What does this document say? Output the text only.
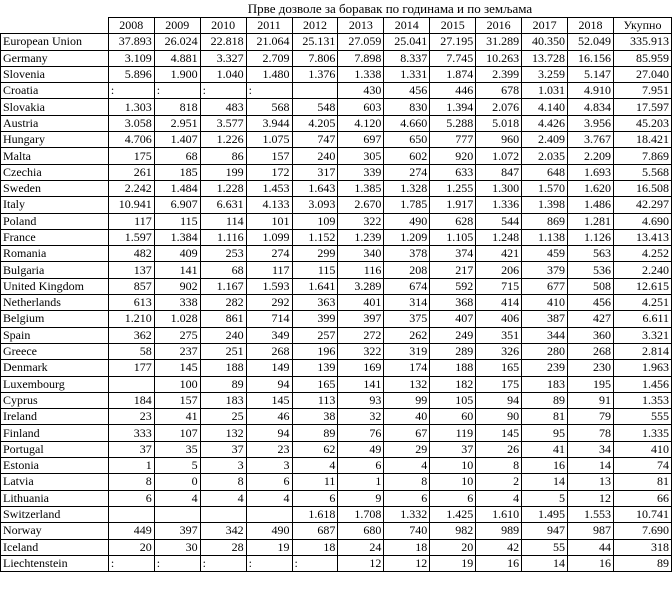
Прве дозволе за боравак по годинама и по земљама
	2008	2009	2010	2011	2012	2013	2014	2015	2016	2017	2018	Укупно
European Union	37.893	26.024	22.818	21.064	25.131	27.059	25.041	27.195	31.289	40.350	52.049	335.913
Germany	3.109	4.881	3.327	2.709	7.806	7.898	8.337	7.745	10.263	13.728	16.156	85.959
Slovenia	5.896	1.900	1.040	1.480	1.376	1.338	1.331	1.874	2.399	3.259	5.147	27.040
Croatia	:	:	:	:		430	456	446	678	1.031	4.910	7.951
Slovakia	1.303	818	483	568	548	603	830	1.394	2.076	4.140	4.834	17.597
Austria	3.058	2.951	3.577	3.944	4.205	4.120	4.660	5.288	5.018	4.426	3.956	45.203
Hungary	4.706	1.407	1.226	1.075	747	697	650	777	960	2.409	3.767	18.421
Malta	175	68	86	157	240	305	602	920	1.072	2.035	2.209	7.869
Czechia	261	185	199	172	317	339	274	633	847	648	1.693	5.568
Sweden	2.242	1.484	1.228	1.453	1.643	1.385	1.328	1.255	1.300	1.570	1.620	16.508
Italy	10.941	6.907	6.631	4.133	3.093	2.670	1.785	1.917	1.336	1.398	1.486	42.297
Poland	117	115	114	101	109	322	490	628	544	869	1.281	4.690
France	1.597	1.384	1.116	1.099	1.152	1.239	1.209	1.105	1.248	1.138	1.126	13.413
Romania	482	409	253	274	299	340	378	374	421	459	563	4.252
Bulgaria	137	141	68	117	115	116	208	217	206	379	536	2.240
United Kingdom	857	902	1.167	1.593	1.641	3.289	674	592	715	677	508	12.615
Netherlands	613	338	282	292	363	401	314	368	414	410	456	4.251
Belgium	1.210	1.028	861	714	399	397	375	407	406	387	427	6.611
Spain	362	275	240	349	257	272	262	249	351	344	360	3.321
Greece	58	237	251	268	196	322	319	289	326	280	268	2.814
Denmark	177	145	188	149	139	169	174	188	165	239	230	1.963
Luxembourg		100	89	94	165	141	132	182	175	183	195	1.456
Cyprus	184	157	183	145	113	93	99	105	94	89	91	1.353
Ireland	23	41	25	46	38	32	40	60	90	81	79	555
Finland	333	107	132	94	89	76	67	119	145	95	78	1.335
Portugal	37	35	37	23	62	49	29	37	26	41	34	410
Estonia	1	5	3	3	4	6	4	10	8	16	14	74
Latvia	8	0	8	6	11	1	8	10	2	14	13	81
Lithuania	6	4	4	4	6	9	6	6	4	5	12	66
Switzerland					1.618	1.708	1.332	1.425	1.610	1.495	1.553	10.741
Norway	449	397	342	490	687	680	740	982	989	947	987	7.690
Iceland	20	30	28	19	18	24	18	20	42	55	44	318
Liechtenstein	:	:	:	:	:	12	12	19	16	14	16	89
